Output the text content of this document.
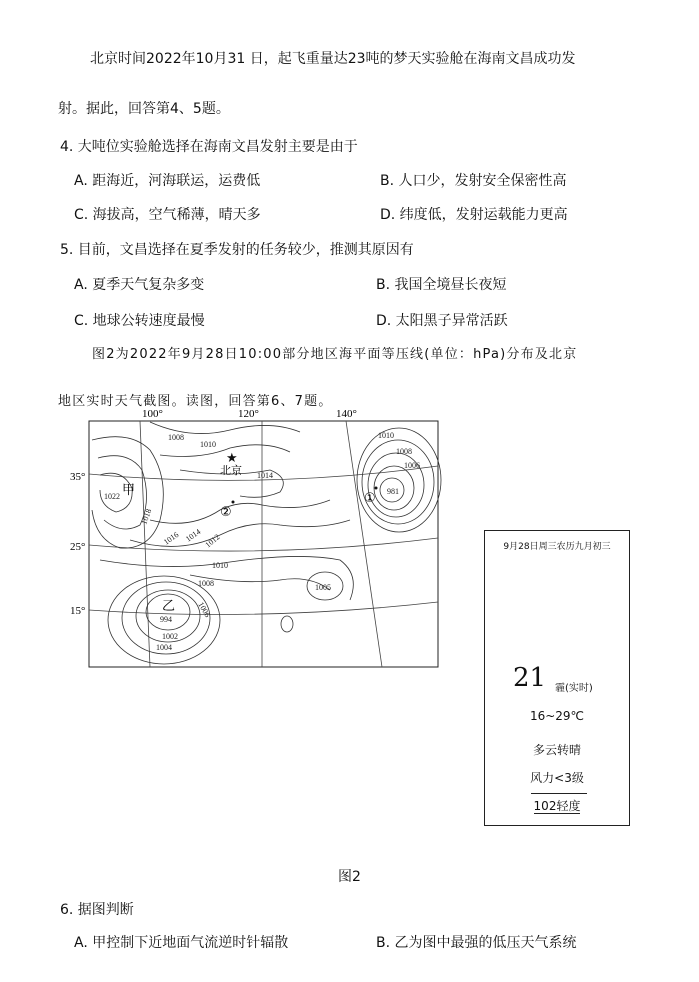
北京时间2022年10月31 日，起飞重量达23吨的梦天实验舱在海南文昌成功发
射。据此，回答第4、5题。
4. 大吨位实验舱选择在海南文昌发射主要是由于
A. 距海近，河海联运，运费低	B. 人口少，发射安全保密性高
C. 海拔高，空气稀薄，晴天多	D. 纬度低，发射运载能力更高
5. 目前，文昌选择在夏季发射的任务较少，推测其原因有
A. 夏季天气复杂多变	B. 我国全境昼长夜短
C. 地球公转速度最慢	D. 太阳黑子异常活跃
图2为2022年9月28日10:00部分地区海平面等压线(单位：hPa)分布及北京
地区实时天气截图。读图，回答第6、7题。
100°	120°	140°
35°
25°
15°
1008
1010
1014
1010
1008
1006
1022
1018
1016 1014 1012
1010
1008
1006
1005
994
1002
1004
981
甲
乙
★
北京
②
①
9月28日周三农历九月初三
21 霾(实时)
16~29℃
多云转晴
风力<3级
102轻度
图2
6. 据图判断
A. 甲控制下近地面气流逆时针辐散	B. 乙为图中最强的低压天气系统
